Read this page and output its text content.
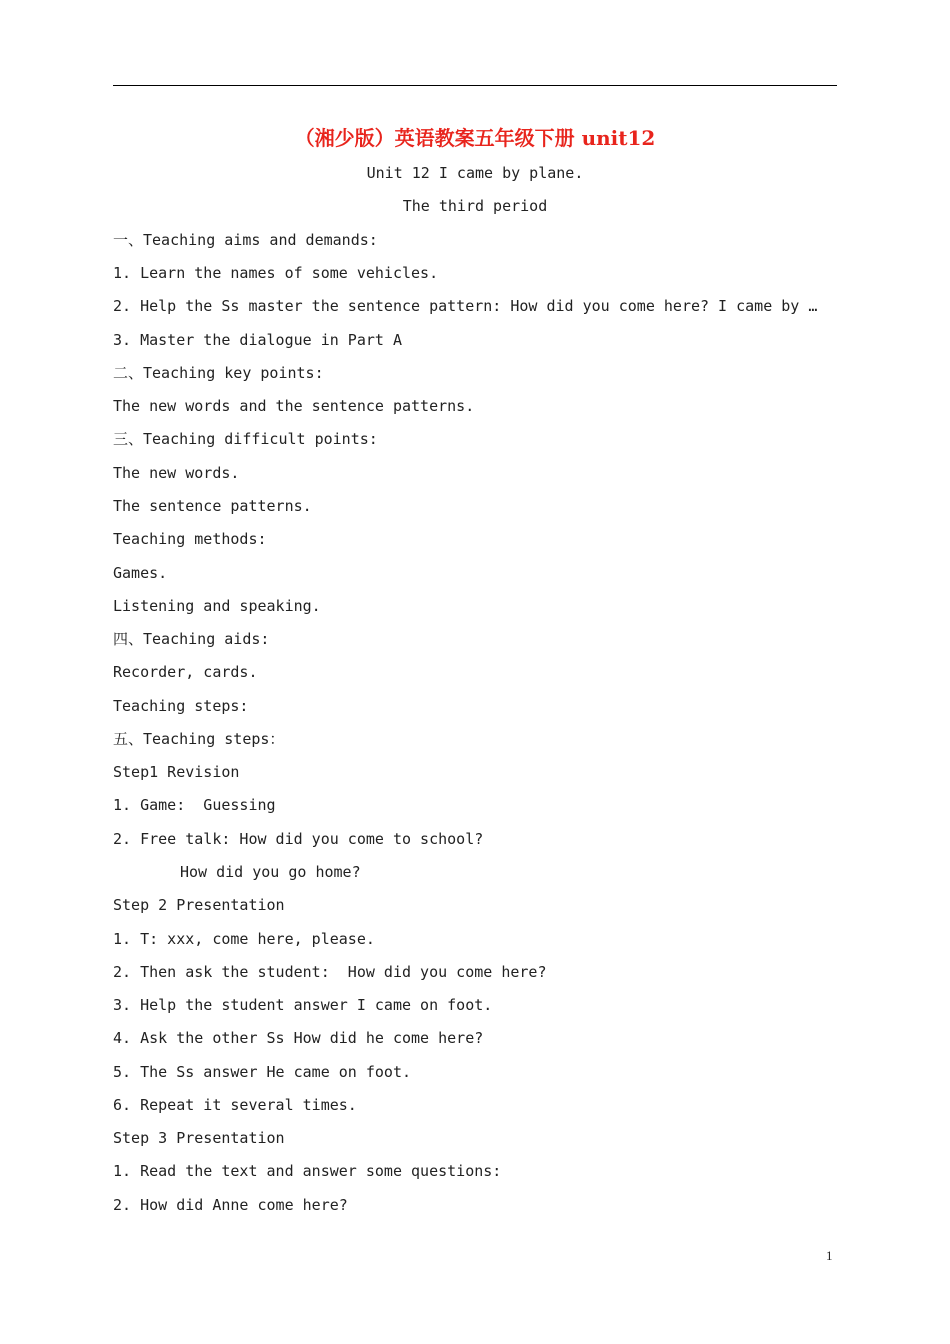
（湘少版）英语教案五年级下册 unit12
Unit 12 I came by plane.
The third period
一、Teaching aims and demands:
1. Learn the names of some vehicles.
2. Help the Ss master the sentence pattern: How did you come here? I came by …
3. Master the dialogue in Part A
二、Teaching key points:
The new words and the sentence patterns.
三、Teaching difficult points:
The new words.
The sentence patterns.
Teaching methods:
Games.
Listening and speaking.
四、Teaching aids:
Recorder, cards.
Teaching steps:
五、Teaching steps：
Step1 Revision
1. Game:  Guessing
2. Free talk: How did you come to school?
How did you go home?
Step 2 Presentation
1. T: xxx, come here, please.
2. Then ask the student:  How did you come here?
3. Help the student answer I came on foot.
4. Ask the other Ss How did he come here?
5. The Ss answer He came on foot.
6. Repeat it several times.
Step 3 Presentation
1. Read the text and answer some questions:
2. How did Anne come here?
1
